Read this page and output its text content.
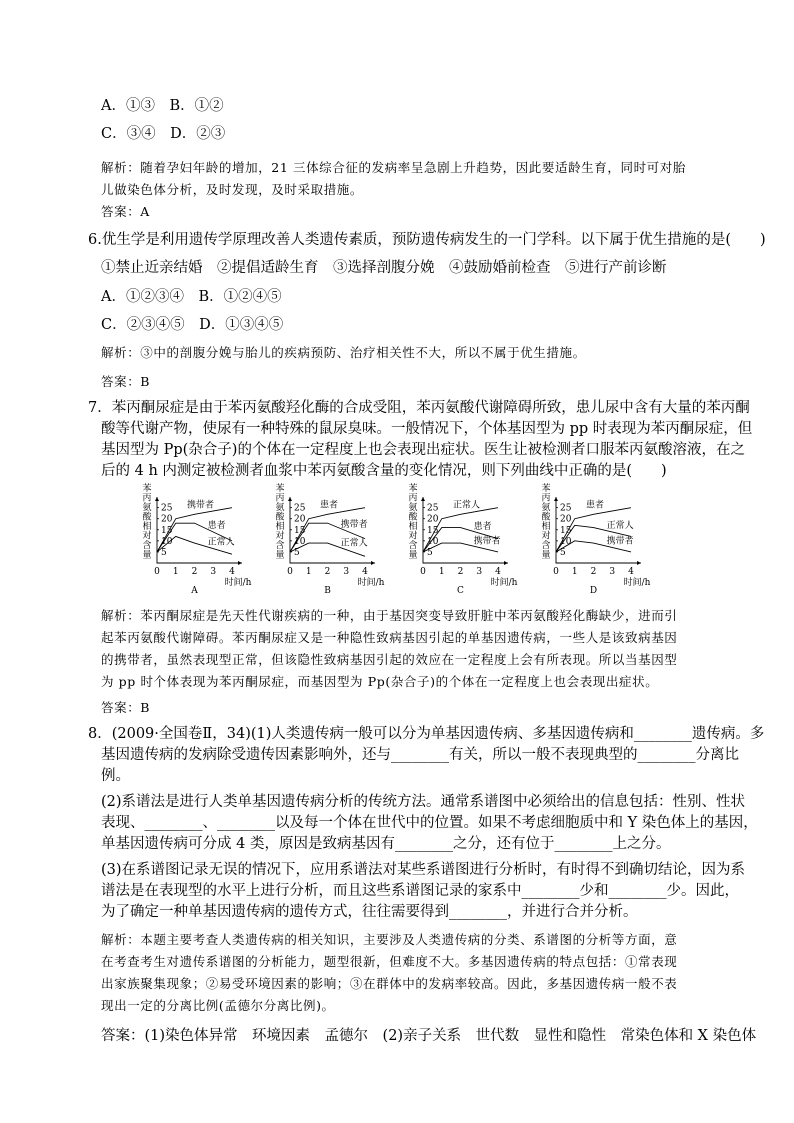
A．①③　B．①②
C．③④　D．②③
解析：随着孕妇年龄的增加，21 三体综合征的发病率呈急剧上升趋势，因此要适龄生育，同时可对胎
儿做染色体分析，及时发现，及时采取措施。
答案：A
6.优生学是利用遗传学原理改善人类遗传素质，预防遗传病发生的一门学科。以下属于优生措施的是(　　)
①禁止近亲结婚　②提倡适龄生育　③选择剖腹分娩　④鼓励婚前检查　⑤进行产前诊断
A．①②③④　B．①②④⑤
C．②③④⑤　D．①③④⑤
解析：③中的剖腹分娩与胎儿的疾病预防、治疗相关性不大，所以不属于优生措施。
答案：B
7．苯丙酮尿症是由于苯丙氨酸羟化酶的合成受阻，苯丙氨酸代谢障碍所致，患儿尿中含有大量的苯丙酮
酸等代谢产物，使尿有一种特殊的鼠尿臭味。一般情况下，个体基因型为 pp 时表现为苯丙酮尿症，但
基因型为 Pp(杂合子)的个体在一定程度上也会表现出症状。医生让被检测者口服苯丙氨酸溶液，在之
后的 4 h 内测定被检测者血浆中苯丙氨酸含量的变化情况，则下列曲线中正确的是(　　)
解析：苯丙酮尿症是先天性代谢疾病的一种，由于基因突变导致肝脏中苯丙氨酸羟化酶缺少，进而引
起苯丙氨酸代谢障碍。苯丙酮尿症又是一种隐性致病基因引起的单基因遗传病，一些人是该致病基因
的携带者，虽然表现型正常，但该隐性致病基因引起的效应在一定程度上会有所表现。所以当基因型
为 pp 时个体表现为苯丙酮尿症，而基因型为 Pp(杂合子)的个体在一定程度上也会表现出症状。
答案：B
8．(2009·全国卷Ⅱ，34)(1)人类遗传病一般可以分为单基因遗传病、多基因遗传病和________遗传病。多
基因遗传病的发病除受遗传因素影响外，还与________有关，所以一般不表现典型的________分离比
例。
(2)系谱法是进行人类单基因遗传病分析的传统方法。通常系谱图中必须给出的信息包括：性别、性状
表现、________、________以及每一个体在世代中的位置。如果不考虑细胞质中和 Y 染色体上的基因，
单基因遗传病可分成 4 类，原因是致病基因有________之分，还有位于________上之分。
(3)在系谱图记录无误的情况下，应用系谱法对某些系谱图进行分析时，有时得不到确切结论，因为系
谱法是在表现型的水平上进行分析，而且这些系谱图记录的家系中________少和________少。因此，
为了确定一种单基因遗传病的遗传方式，往往需要得到________，并进行合并分析。
解析：本题主要考查人类遗传病的相关知识，主要涉及人类遗传病的分类、系谱图的分析等方面，意
在考查考生对遗传系谱图的分析能力，题型很新，但难度不大。多基因遗传病的特点包括：①常表现
出家族聚集现象；②易受环境因素的影响；③在群体中的发病率较高。因此，多基因遗传病一般不表
现出一定的分离比例(孟德尔分离比例)。
答案：(1)染色体异常　环境因素　孟德尔　(2)亲子关系　世代数　显性和隐性　常染色体和 X 染色体
苯丙氨酸相对含量 5
10
15
20
25
0 1 2 3 4
时间/h
A
携带者
患者
正常人
苯丙氨酸相对含量 5
10
15
20
25
0 1 2 3 4
时间/h
B
患者
携带者
正常人
苯丙氨酸相对含量 5
10
15
20
25
0 1 2 3 4
时间/h
C
正常人
患者
携带者
苯丙氨酸相对含量 5
10
15
20
25
0 1 2 3 4
时间/h
D
患者
正常人
携带者
